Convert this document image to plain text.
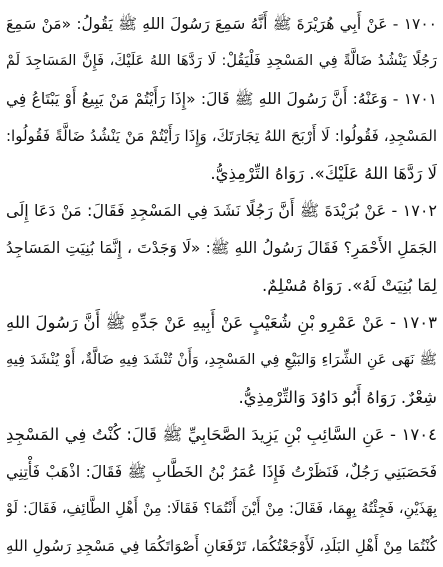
١٧٠٠ - عَنْ أَبِي هُرَيْرَةَ ﷺ أَنَّهُ سَمِعَ رَسُولَ اللهِ ﷺ يَقُولُ: «مَنْ سَمِعَ
رَجُلًا يَنْشُدُ ضَالَّةً فِي المَسْجِدِ فَلْيَقُلْ: لَا رَدَّهَا اللهُ عَلَيْكَ، فَإِنَّ المَسَاجِدَ لَمْ
١٧٠١ - وَعَنْهُ: أَنَّ رَسُولَ اللهِ ﷺ قَالَ: «إِذَا رَأَيْتُمْ مَنْ يَبِيعُ أَوْ يَبْتَاعُ فِي
المَسْجِدِ، فَقُولُوا: لَا أَرْبَحَ اللهُ تِجَارَتَكَ، وَإِذَا رَأَيْتُمْ مَنْ يَنْشُدُ ضَالَّةً فَقُولُوا:
لَا رَدَّهَا اللهُ عَلَيْكَ». رَوَاهُ التِّرْمِذِيُّ.
١٧٠٢ - عَنْ بُرَيْدَةَ ﷺ أَنَّ رَجُلًا نَشَدَ فِي المَسْجِدِ فَقَالَ: مَنْ دَعَا إِلَى
الجَمَلِ الأَحْمَرِ؟ فَقَالَ رَسُولُ اللهِ ﷺ: «لَا وَجَدْتَ ، إِنَّمَا بُنِيَتِ المَسَاجِدُ
لِمَا بُنِيَتْ لَهُ». رَوَاهُ مُسْلِمٌ.
١٧٠٣ - عَنْ عَمْرِو بْنِ شُعَيْبٍ عَنْ أَبِيهِ عَنْ جَدِّهِ ﷺ أَنَّ رَسُولَ اللهِ
ﷺ نَهَى عَنِ الشِّرَاءِ وَالبَيْعِ فِي المَسْجِدِ، وَأَنْ تُنْشَدَ فِيهِ ضَالَّةٌ، أَوْ يُنْشَدَ فِيهِ
شِعْرٌ. رَوَاهُ أَبُو دَاوُدَ وَالتِّرْمِذِيُّ.
١٧٠٤ - عَنِ السَّائِبِ بْنِ يَزِيدَ الصَّحَابِيِّ ﷺ قَالَ: كُنْتُ فِي المَسْجِدِ
فَحَصَبَنِي رَجُلٌ، فَنَظَرْتُ فَإِذَا عُمَرُ بْنُ الخَطَّابِ ﷺ فَقَالَ: اذْهَبْ فَأْتِنِي
بِهَذَيْنِ، فَجِئْتُهُ بِهِمَا، فَقَالَ: مِنْ أَيْنَ أَنْتُمَا؟ فَقَالَا: مِنْ أَهْلِ الطَّائِفِ، فَقَالَ: لَوْ
كُنْتُمَا مِنْ أَهْلِ البَلَدِ، لَأَوْجَعْتُكُمَا، تَرْفَعَانِ أَصْوَاتَكُمَا فِي مَسْجِدِ رَسُولِ اللهِ
